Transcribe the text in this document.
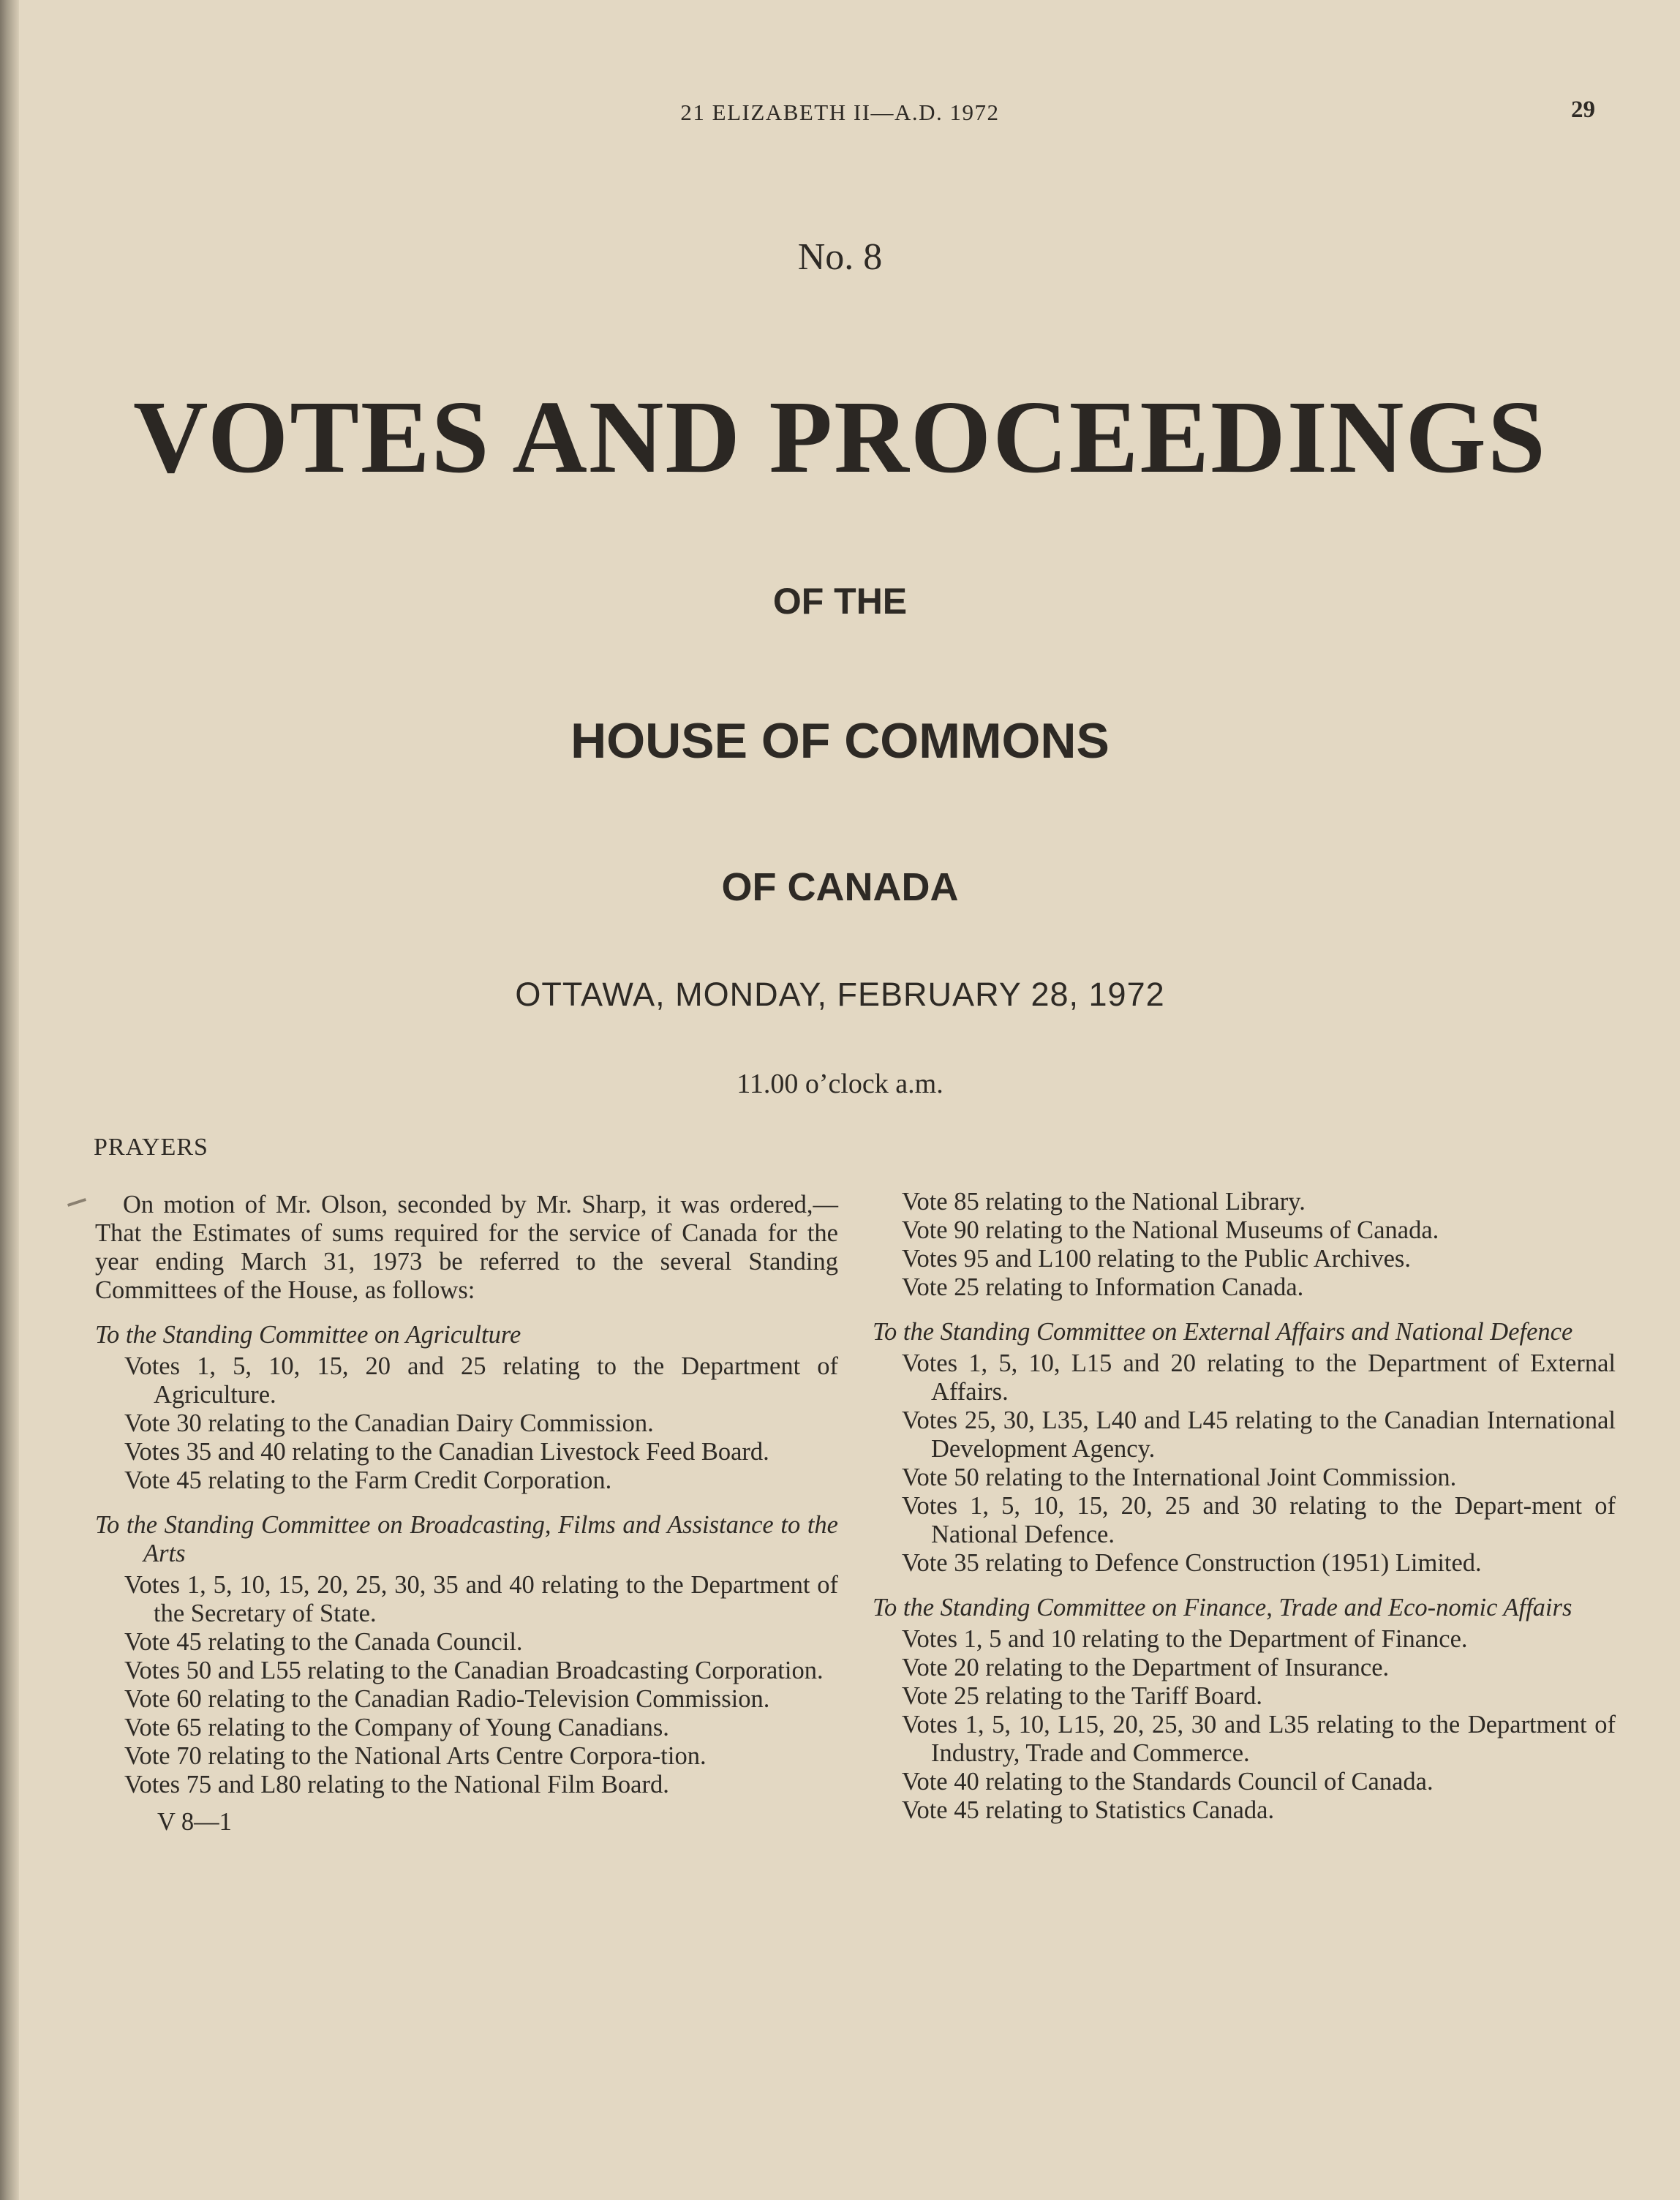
21 ELIZABETH II—A.D. 1972	29
No. 8
VOTES AND PROCEEDINGS
OF THE
HOUSE OF COMMONS
OF CANADA
OTTAWA, MONDAY, FEBRUARY 28, 1972
11.00 o’clock a.m.
PRAYERS

On motion of Mr. Olson, seconded by Mr. Sharp, it was ordered,—That the Estimates of sums required for the service of Canada for the year ending March 31, 1973 be referred to the several Standing Committees of the House, as follows:

To the Standing Committee on Agriculture

Votes 1, 5, 10, 15, 20 and 25 relating to the Department of Agriculture.

Vote 30 relating to the Canadian Dairy Commission.

Votes 35 and 40 relating to the Canadian Livestock Feed Board.

Vote 45 relating to the Farm Credit Corporation.

To the Standing Committee on Broadcasting, Films and Assistance to the Arts

Votes 1, 5, 10, 15, 20, 25, 30, 35 and 40 relating to the Department of the Secretary of State.

Vote 45 relating to the Canada Council.

Votes 50 and L55 relating to the Canadian Broadcasting Corporation.

Vote 60 relating to the Canadian Radio-Television Commission.

Vote 65 relating to the Company of Young Canadians.

Vote 70 relating to the National Arts Centre Corpora-tion.

Votes 75 and L80 relating to the National Film Board.

V 8—1

Vote 85 relating to the National Library.

Vote 90 relating to the National Museums of Canada.

Votes 95 and L100 relating to the Public Archives.

Vote 25 relating to Information Canada.

To the Standing Committee on External Affairs and National Defence

Votes 1, 5, 10, L15 and 20 relating to the Department of External Affairs.

Votes 25, 30, L35, L40 and L45 relating to the Canadian International Development Agency.

Vote 50 relating to the International Joint Commission.

Votes 1, 5, 10, 15, 20, 25 and 30 relating to the Depart-ment of National Defence.

Vote 35 relating to Defence Construction (1951) Limited.

To the Standing Committee on Finance, Trade and Eco-nomic Affairs

Votes 1, 5 and 10 relating to the Department of Finance.

Vote 20 relating to the Department of Insurance.

Vote 25 relating to the Tariff Board.

Votes 1, 5, 10, L15, 20, 25, 30 and L35 relating to the Department of Industry, Trade and Commerce.

Vote 40 relating to the Standards Council of Canada.

Vote 45 relating to Statistics Canada.
